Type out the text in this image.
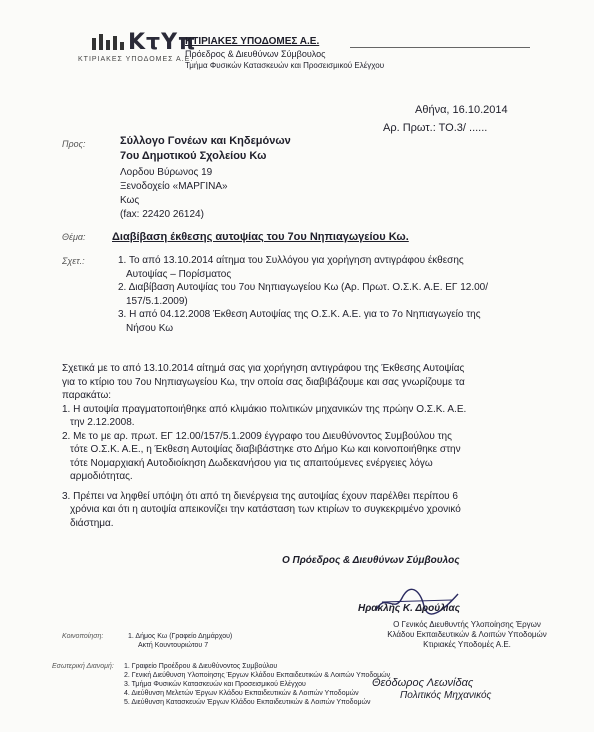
KτYπ
ΚΤΙΡΙΑΚΕΣ ΥΠΟΔΟΜΕΣ Α.Ε.
ΚΤΙΡΙΑΚΕΣ ΥΠΟΔΟΜΕΣ Α.Ε.
Πρόεδρος & Διευθύνων Σύμβουλος
Τμήμα Φυσικών Κατασκευών και Προσεισμικού Ελέγχου
Αθήνα, 16.10.2014
Αρ. Πρωτ.: ΤΟ.3/ ......
Προς:	Σύλλογο Γονέων και Κηδεμόνων
7ου Δημοτικού Σχολείου Κω
Λορδου Βύρωνος 19
Ξενοδοχείο «ΜΑΡΓΙΝΑ»
Κως
(fax: 22420 26124)
Θέμα: Διαβίβαση έκθεσης αυτοψίας του 7ου Νηπιαγωγείου Κω.
Σχετ.:	1. Το από 13.10.2014 αίτημα του Συλλόγου για χορήγηση αντιγράφου έκθεσης
Αυτοψίας – Πορίσματος
2. Διαβίβαση Αυτοψίας του 7ου Νηπιαγωγείου Κω (Αρ. Πρωτ. Ο.Σ.Κ. Α.Ε. ΕΓ 12.00/
157/5.1.2009)
3. Η από 04.12.2008 Έκθεση Αυτοψίας της Ο.Σ.Κ. Α.Ε. για το 7ο Νηπιαγωγείο της
Νήσου Κω
Σχετικά με το από 13.10.2014 αίτημά σας για χορήγηση αντιγράφου της Έκθεσης Αυτοψίας
για το κτίριο του 7ου Νηπιαγωγείου Κω, την οποία σας διαβιβάζουμε και σας γνωρίζουμε τα
παρακάτω:
1. Η αυτοψία πραγματοποιήθηκε από κλιμάκιο πολιτικών μηχανικών της πρώην Ο.Σ.Κ. Α.Ε.
την 2.12.2008.
2. Με το με αρ. πρωτ. ΕΓ 12.00/157/5.1.2009 έγγραφο του Διευθύνοντος Συμβούλου της
τότε Ο.Σ.Κ. Α.Ε., η Έκθεση Αυτοψίας διαβιβάστηκε στο Δήμο Κω και κοινοποιήθηκε στην
τότε Νομαρχιακή Αυτοδιοίκηση Δωδεκανήσου για τις απαιτούμενες ενέργειες λόγω
αρμοδιότητας.
3. Πρέπει να ληφθεί υπόψη ότι από τη διενέργεια της αυτοψίας έχουν παρέλθει περίπου 6
χρόνια και ότι η αυτοψία απεικονίζει την κατάσταση των κτιρίων το συγκεκριμένο χρονικό
διάστημα.
Ο Πρόεδρος & Διευθύνων Σύμβουλος
Ηρακλής Κ. Δρούλιας
Ο Γενικός Διευθυντής Υλοποίησης Έργων
Κλάδου Εκπαιδευτικών & Λοιπών Υποδομών
Κτιριακές Υποδομές Α.Ε.
Θεόδωρος Λεωνίδας
Πολιτικός Μηχανικός
Κοινοποίηση:	1. Δήμος Κω (Γραφείο Δημάρχου)
Ακτή Κουντουριώτου 7
Εσωτερική Διανομή: 1. Γραφείο Προέδρου & Διευθύνοντος Συμβούλου
2. Γενική Διεύθυνση Υλοποίησης Έργων Κλάδου Εκπαιδευτικών & Λοιπών Υποδομών
3. Τμήμα Φυσικών Κατασκευών και Προσεισμικού Ελέγχου
4. Διεύθυνση Μελετών Έργων Κλάδου Εκπαιδευτικών & Λοιπών Υποδομών
5. Διεύθυνση Κατασκευών Έργων Κλάδου Εκπαιδευτικών & Λοιπών Υποδομών
